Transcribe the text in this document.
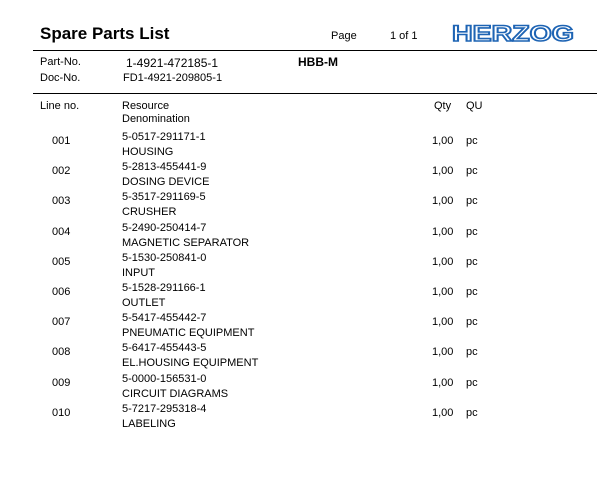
Spare Parts List	Page	1 of 1 HERZOG
Part-No.	1-4921-472185-1	HBB-M
Doc-No.	FD1-4921-209805-1
Line no.	Resource
Denomination
Qty QU
001	5-0517-291171-1	1,00 pc
HOUSING
002	5-2813-455441-9	1,00 pc
DOSING DEVICE
003	5-3517-291169-5	1,00 pc
CRUSHER
004	5-2490-250414-7	1,00 pc
MAGNETIC SEPARATOR
005	5-1530-250841-0	1,00 pc
INPUT
006	5-1528-291166-1	1,00 pc
OUTLET
007	5-5417-455442-7	1,00 pc
PNEUMATIC EQUIPMENT
008	5-6417-455443-5	1,00 pc
EL.HOUSING EQUIPMENT
009	5-0000-156531-0	1,00 pc
CIRCUIT DIAGRAMS
010	5-7217-295318-4	1,00 pc
LABELING
